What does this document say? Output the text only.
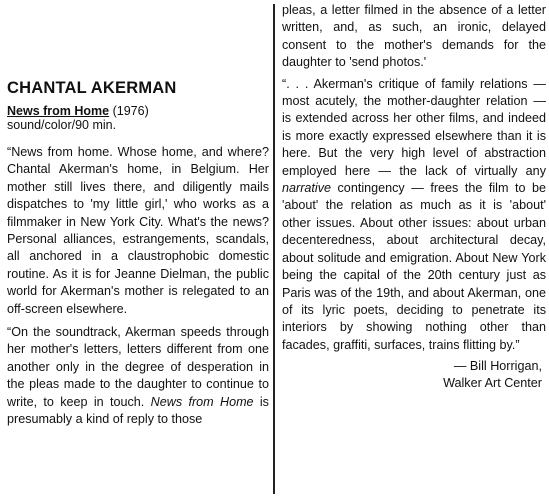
CHANTAL AKERMAN
News from Home (1976)
sound/color/90 min.

“News from home. Whose home, and where? Chantal Akerman's home, in Belgium. Her mother still lives there, and diligently mails dispatches to 'my little girl,' who works as a filmmaker in New York City. What's the news? Personal alliances, estrangements, scandals, all anchored in a claustrophobic domestic routine. As it is for Jeanne Dielman, the public world for Akerman's mother is relegated to an off-screen elsewhere.

“On the soundtrack, Akerman speeds through her mother's letters, letters different from one another only in the degree of desperation in the pleas made to the daughter to continue to write, to keep in touch. News from Home is presumably a kind of reply to those

pleas, a letter filmed in the absence of a letter written, and, as such, an ironic, delayed consent to the mother's demands for the daughter to 'send photos.'

“. . . Akerman's critique of family relations — most acutely, the mother-daughter relation — is extended across her other films, and indeed is more exactly expressed elsewhere than it is here. But the very high level of abstraction employed here — the lack of virtually any narrative contingency — frees the film to be 'about' the relation as much as it is 'about' other issues. About other issues: about urban decenteredness, about architectural decay, about solitude and emigration. About New York being the capital of the 20th century just as Paris was of the 19th, and about Akerman, one of its lyric poets, deciding to penetrate its interiors by showing nothing other than facades, graffiti, surfaces, trains flitting by.”

— Bill Horrigan,
Walker Art Center
